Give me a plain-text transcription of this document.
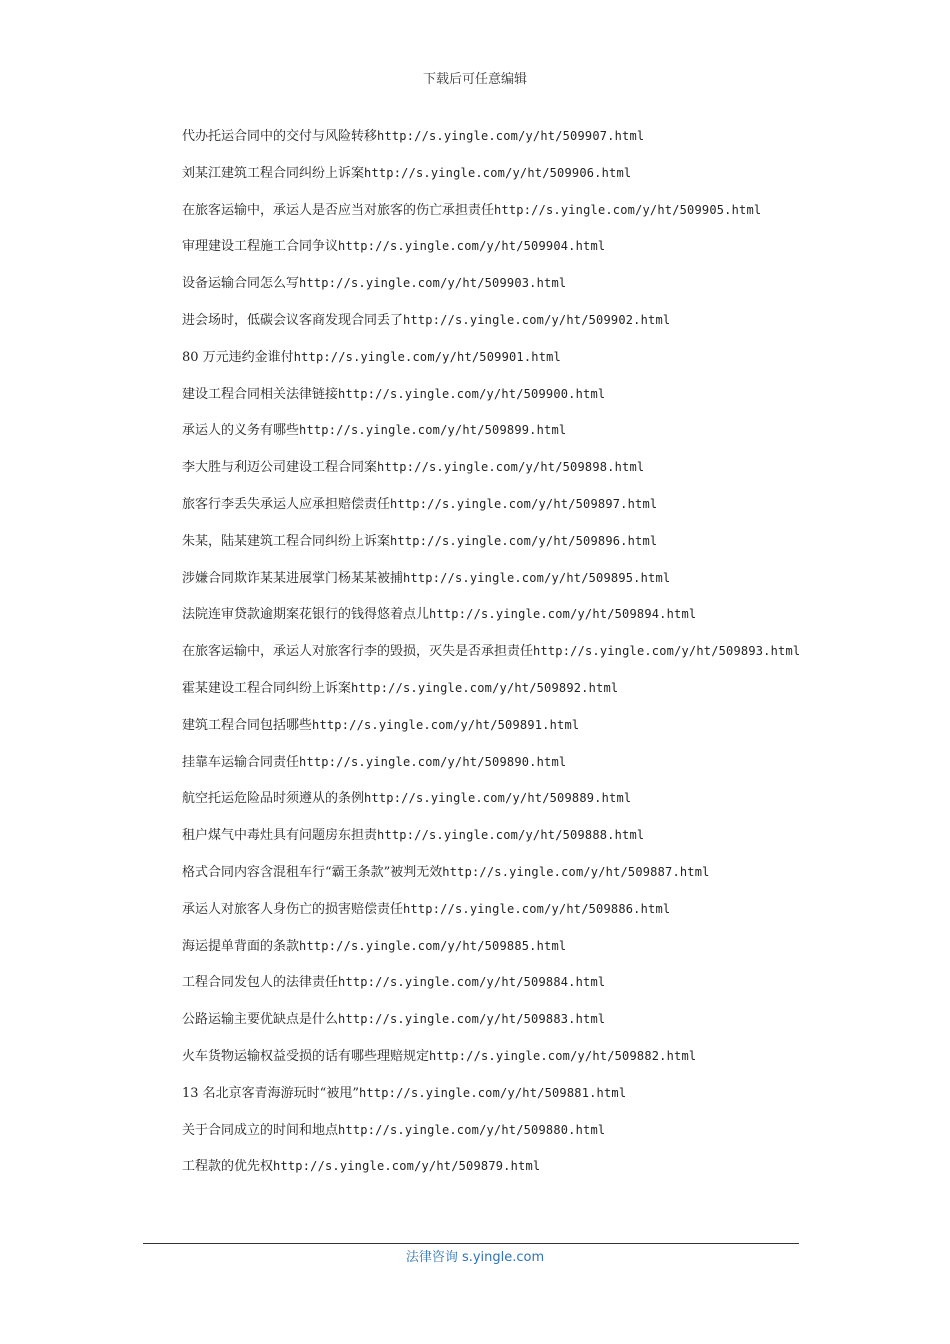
下载后可任意编辑

代办托运合同中的交付与风险转移http://s.yingle.com/y/ht/509907.html

刘某江建筑工程合同纠纷上诉案http://s.yingle.com/y/ht/509906.html

在旅客运输中，承运人是否应当对旅客的伤亡承担责任http://s.yingle.com/y/ht/509905.html

审理建设工程施工合同争议http://s.yingle.com/y/ht/509904.html

设备运输合同怎么写http://s.yingle.com/y/ht/509903.html

进会场时，低碳会议客商发现合同丢了http://s.yingle.com/y/ht/509902.html

80 万元违约金谁付http://s.yingle.com/y/ht/509901.html

建设工程合同相关法律链接http://s.yingle.com/y/ht/509900.html

承运人的义务有哪些http://s.yingle.com/y/ht/509899.html

李大胜与利迈公司建设工程合同案http://s.yingle.com/y/ht/509898.html

旅客行李丢失承运人应承担赔偿责任http://s.yingle.com/y/ht/509897.html

朱某，陆某建筑工程合同纠纷上诉案http://s.yingle.com/y/ht/509896.html

涉嫌合同欺诈某某进展掌门杨某某被捕http://s.yingle.com/y/ht/509895.html

法院连审贷款逾期案花银行的钱得悠着点儿http://s.yingle.com/y/ht/509894.html

在旅客运输中，承运人对旅客行李的毁损，灭失是否承担责任http://s.yingle.com/y/ht/509893.html

霍某建设工程合同纠纷上诉案http://s.yingle.com/y/ht/509892.html

建筑工程合同包括哪些http://s.yingle.com/y/ht/509891.html

挂靠车运输合同责任http://s.yingle.com/y/ht/509890.html

航空托运危险品时须遵从的条例http://s.yingle.com/y/ht/509889.html

租户煤气中毒灶具有问题房东担责http://s.yingle.com/y/ht/509888.html

格式合同内容含混租车行“霸王条款”被判无效http://s.yingle.com/y/ht/509887.html

承运人对旅客人身伤亡的损害赔偿责任http://s.yingle.com/y/ht/509886.html

海运提单背面的条款http://s.yingle.com/y/ht/509885.html

工程合同发包人的法律责任http://s.yingle.com/y/ht/509884.html

公路运输主要优缺点是什么http://s.yingle.com/y/ht/509883.html

火车货物运输权益受损的话有哪些理赔规定http://s.yingle.com/y/ht/509882.html

13 名北京客青海游玩时“被甩”http://s.yingle.com/y/ht/509881.html

关于合同成立的时间和地点http://s.yingle.com/y/ht/509880.html

工程款的优先权http://s.yingle.com/y/ht/509879.html

法律咨询 s.yingle.com
